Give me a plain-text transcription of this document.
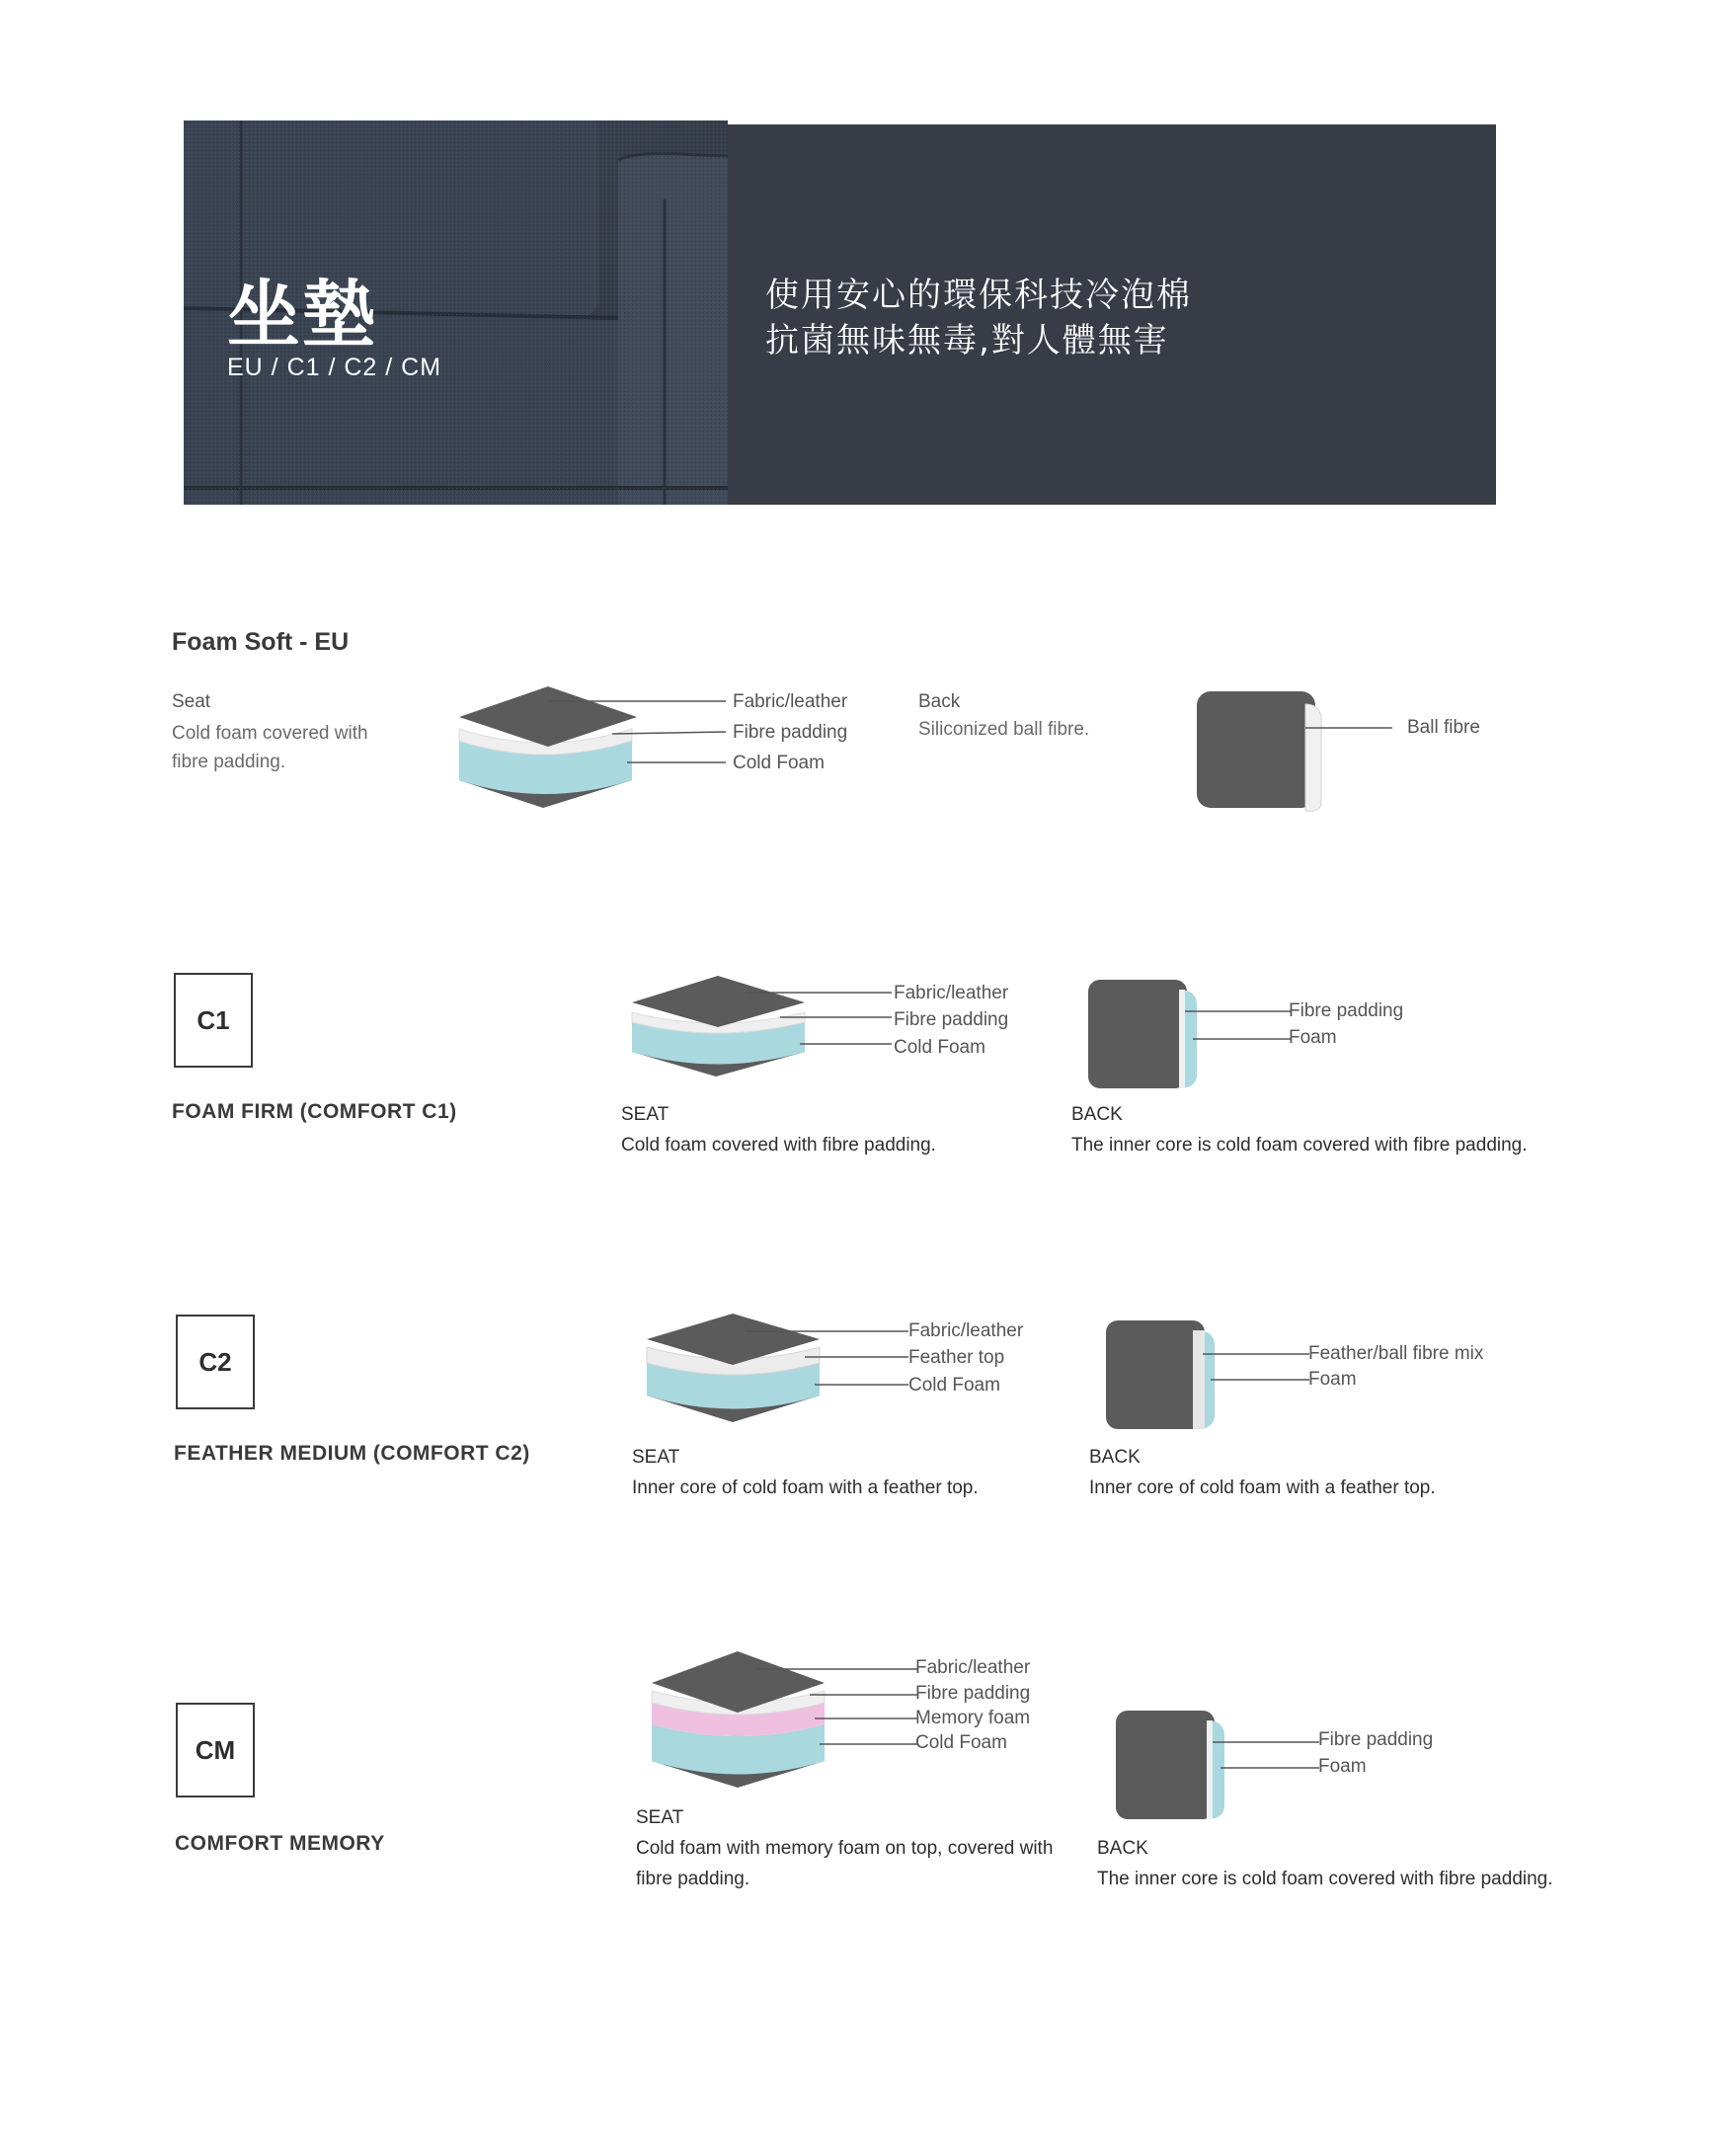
坐墊
EU / C1 / C2 / CM
使用安心的環保科技冷泡棉
抗菌無味無毒,對人體無害
Foam Soft - EU
Seat
Cold foam covered with fibre padding.
Back
Siliconized ball fibre.
Fabric/leather
Fibre padding
Cold Foam
Ball fibre
C1
FOAM FIRM (COMFORT C1)
Fabric/leather
Fibre padding
Cold Foam
Fibre padding
Foam
SEAT
Cold foam covered with fibre padding.
BACK
The inner core is cold foam covered with fibre padding.
C2
FEATHER MEDIUM (COMFORT C2)
Fabric/leather
Feather top
Cold Foam
Feather/ball fibre mix
Foam
SEAT
Inner core of cold foam with a feather top.
BACK
Inner core of cold foam with a feather top.
CM
COMFORT MEMORY
Fabric/leather
Fibre padding
Memory foam
Cold Foam	Fibre padding
Foam
SEAT
Cold foam with memory foam on top, covered with fibre padding.
BACK
The inner core is cold foam covered with fibre padding.
